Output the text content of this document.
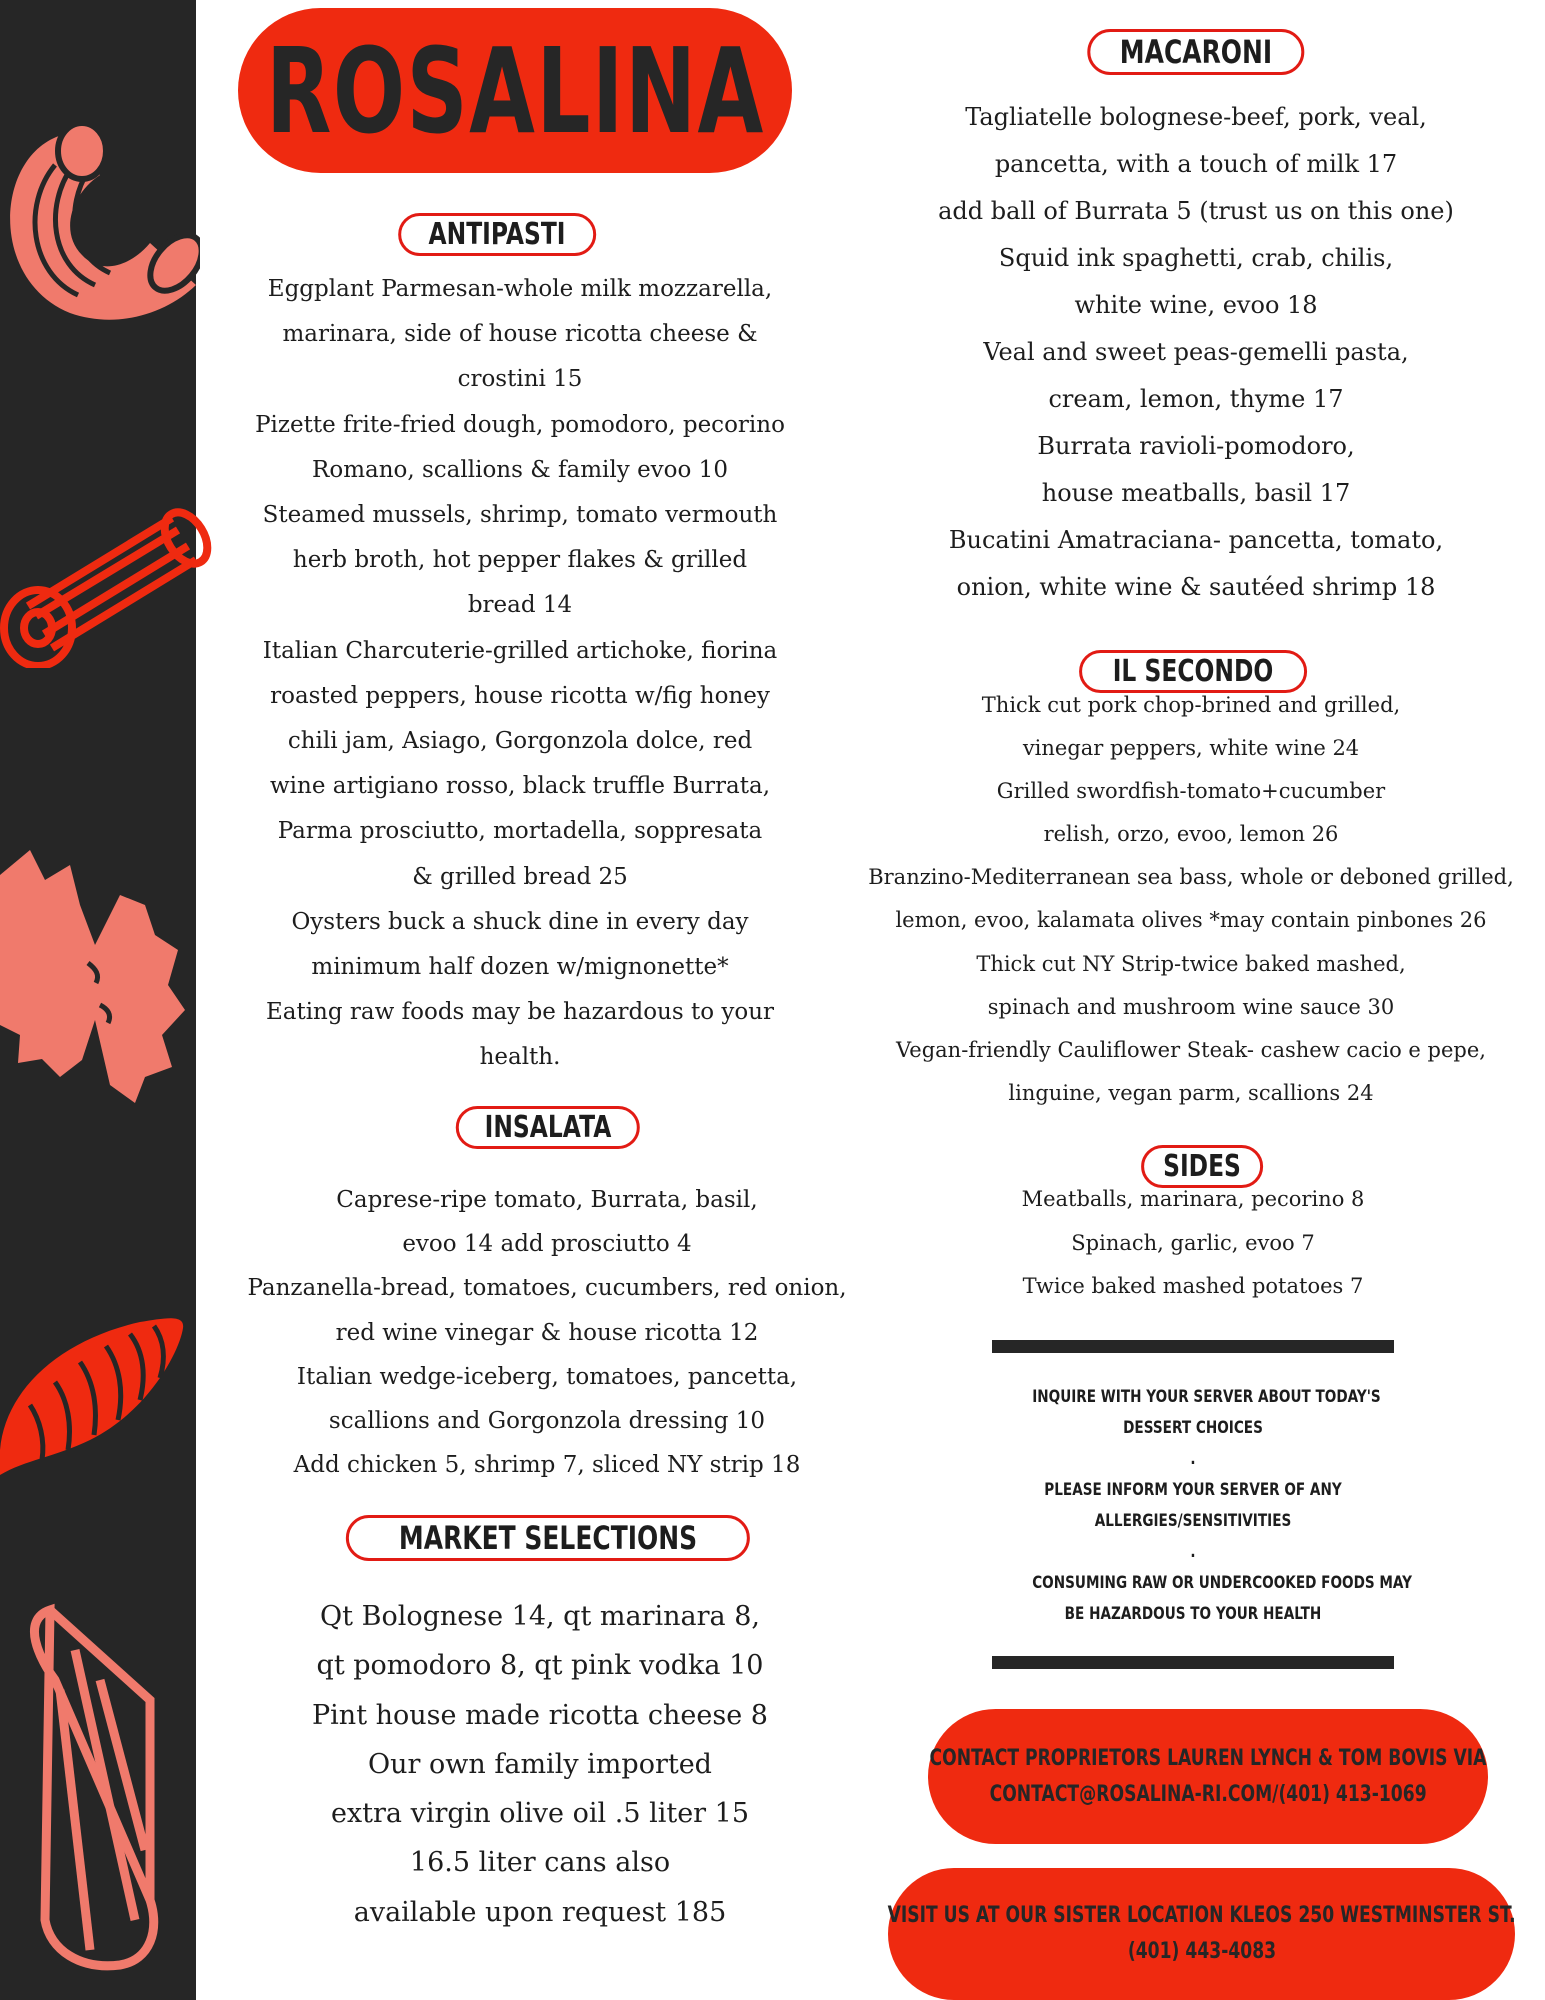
ROSALINA
ANTIPASTI
Eggplant Parmesan-whole milk mozzarella,
marinara, side of house ricotta cheese &
crostini 15
Pizette frite-fried dough, pomodoro, pecorino
Romano, scallions & family evoo 10
Steamed mussels, shrimp, tomato vermouth
herb broth, hot pepper flakes & grilled
bread 14
Italian Charcuterie-grilled artichoke, fiorina
roasted peppers, house ricotta w/fig honey
chili jam, Asiago, Gorgonzola dolce, red
wine artigiano rosso, black truffle Burrata,
Parma prosciutto, mortadella, soppresata
& grilled bread 25
Oysters buck a shuck dine in every day
minimum half dozen w/mignonette*
Eating raw foods may be hazardous to your
health.
INSALATA
Caprese-ripe tomato, Burrata, basil,
evoo 14 add prosciutto 4
Panzanella-bread, tomatoes, cucumbers, red onion,
red wine vinegar & house ricotta 12
Italian wedge-iceberg, tomatoes, pancetta,
scallions and Gorgonzola dressing 10
Add chicken 5, shrimp 7, sliced NY strip 18
MARKET SELECTIONS
Qt Bolognese 14, qt marinara 8,
qt pomodoro 8, qt pink vodka 10
Pint house made ricotta cheese 8
Our own family imported
extra virgin olive oil .5 liter 15
16.5 liter cans also
available upon request 185
MACARONI
Tagliatelle bolognese-beef, pork, veal,
pancetta, with a touch of milk 17
add ball of Burrata 5 (trust us on this one)
Squid ink spaghetti, crab, chilis,
white wine, evoo 18
Veal and sweet peas-gemelli pasta,
cream, lemon, thyme 17
Burrata ravioli-pomodoro,
house meatballs, basil 17
Bucatini Amatraciana- pancetta, tomato,
onion, white wine & sautéed shrimp 18
IL SECONDO
Thick cut pork chop-brined and grilled,
vinegar peppers, white wine 24
Grilled swordfish-tomato+cucumber
relish, orzo, evoo, lemon 26
Branzino-Mediterranean sea bass, whole or deboned grilled,
lemon, evoo, kalamata olives *may contain pinbones 26
Thick cut NY Strip-twice baked mashed,
spinach and mushroom wine sauce 30
Vegan-friendly Cauliflower Steak- cashew cacio e pepe,
linguine, vegan parm, scallions 24
SIDES
Meatballs, marinara, pecorino 8
Spinach, garlic, evoo 7
Twice baked mashed potatoes 7
INQUIRE WITH YOUR SERVER ABOUT TODAY'S
DESSERT CHOICES
.
PLEASE INFORM YOUR SERVER OF ANY
ALLERGIES/SENSITIVITIES
.
CONSUMING RAW OR UNDERCOOKED FOODS MAY
BE HAZARDOUS TO YOUR HEALTH
CONTACT PROPRIETORS LAUREN LYNCH & TOM BOVIS VIA
CONTACT@ROSALINA-RI.COM/(401) 413-1069
VISIT US AT OUR SISTER LOCATION KLEOS 250 WESTMINSTER ST.
(401) 443-4083
